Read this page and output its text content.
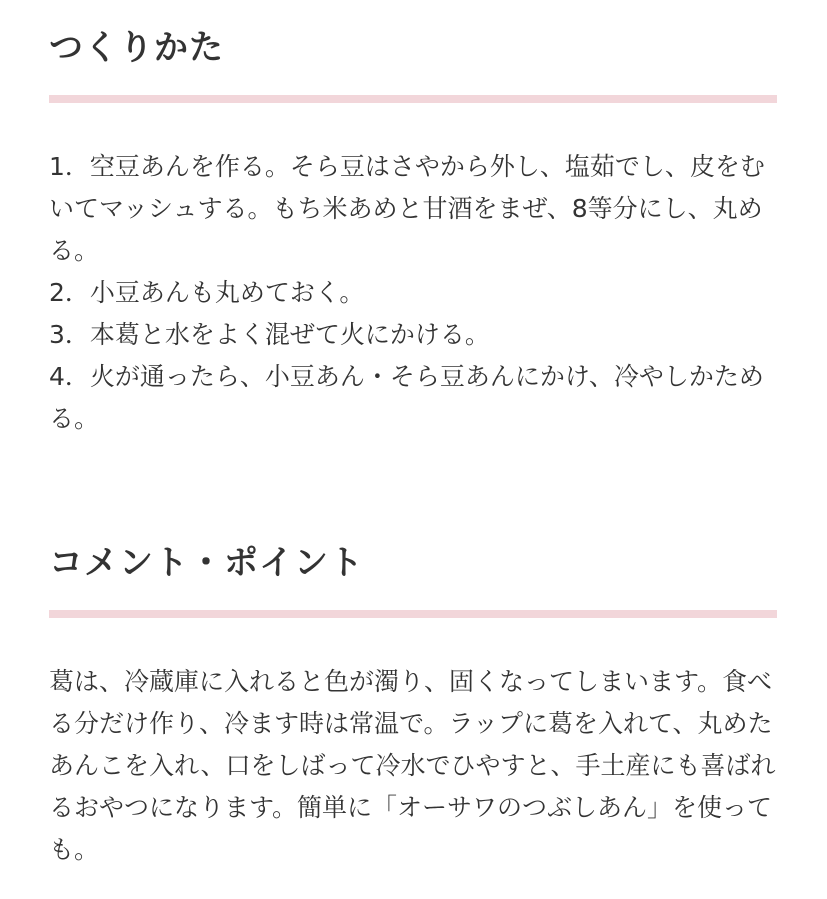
つくりかた
1．空豆あんを作る。そら豆はさやから外し、塩茹でし、皮をむいてマッシュする。もち米あめと甘酒をまぜ、8等分にし、丸める。
2．小豆あんも丸めておく。
3．本葛と水をよく混ぜて火にかける。
4．火が通ったら、小豆あん・そら豆あんにかけ、冷やしかためる。
コメント・ポイント

葛は、冷蔵庫に入れると色が濁り、固くなってしまいます。食べる分だけ作り、冷ます時は常温で。ラップに葛を入れて、丸めたあんこを入れ、口をしばって冷水でひやすと、手土産にも喜ばれるおやつになります。簡単に「オーサワのつぶしあん」を使っても。
